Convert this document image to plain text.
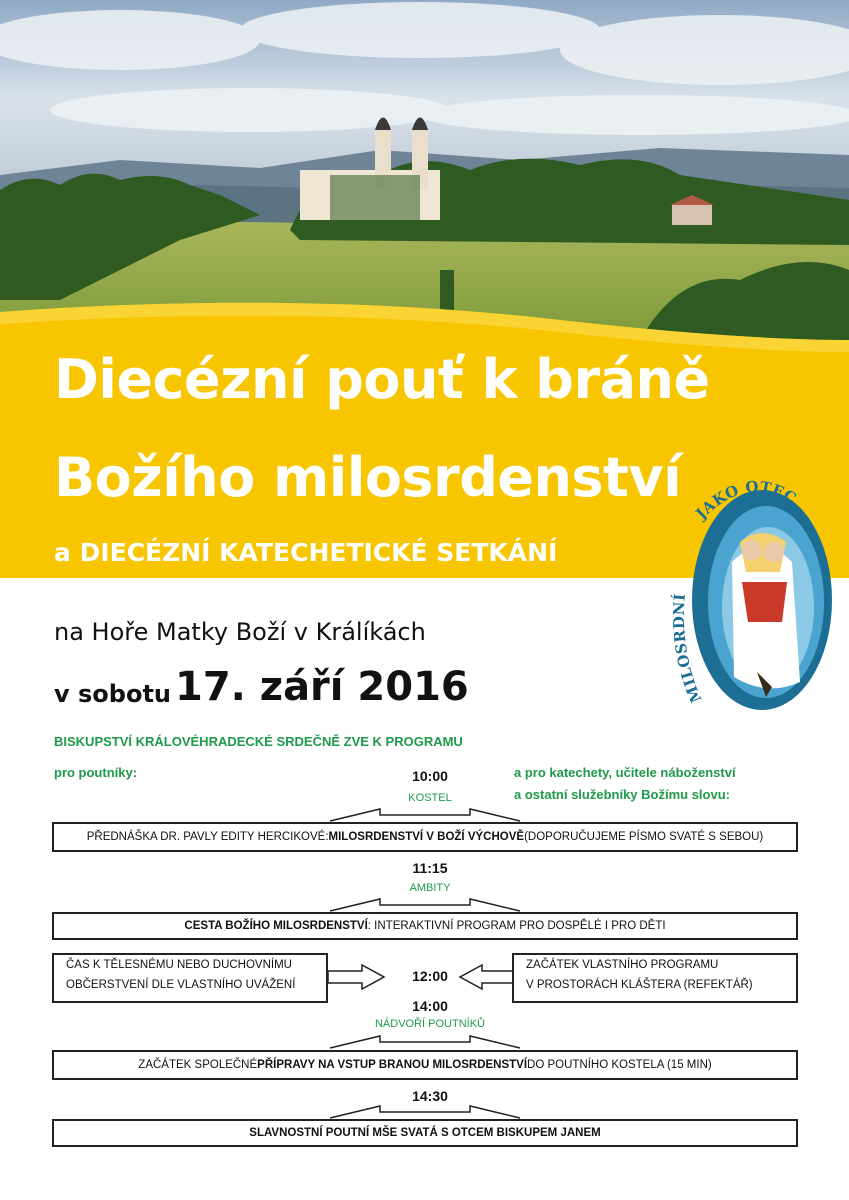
Diecézní pouť k bráně
Božího milosrdenství
a DIECÉZNÍ KATECHETICKÉ SETKÁNÍ
MILOSRDNÍ
JAKO OTEC
na Hoře Matky Boží v Králíkách
v sobotu 17. září 2016
BISKUPSTVÍ KRÁLOVÉHRADECKÉ SRDEČNĚ ZVE K PROGRAMU
pro poutníky:	a pro katechety, učitele náboženství
a ostatní služebníky Božímu slovu:
10:00
KOSTEL
PŘEDNÁŠKA DR. PAVLY EDITY HERCIKOVÉ: MILOSRDENSTVÍ V BOŽÍ VÝCHOVĚ (DOPORUČUJEME PÍSMO SVATÉ S SEBOU)
11:15
AMBITY
CESTA BOŽÍHO MILOSRDENSTVÍ : INTERAKTIVNÍ PROGRAM PRO DOSPĚLÉ I PRO DĚTI
ČAS K TĚLESNÉMU NEBO DUCHOVNÍMU
OBČERSTVENÍ DLE VLASTNÍHO UVÁŽENÍ
12:00
ZAČÁTEK VLASTNÍHO PROGRAMU
V PROSTORÁCH KLÁŠTERA (REFEKTÁŘ)
14:00
NÁDVOŘÍ POUTNÍKŮ
ZAČÁTEK SPOLEČNÉ PŘÍPRAVY NA VSTUP BRANOU MILOSRDENSTVÍ DO POUTNÍHO KOSTELA (15 MIN)
14:30
SLAVNOSTNÍ POUTNÍ MŠE SVATÁ S OTCEM BISKUPEM JANEM
